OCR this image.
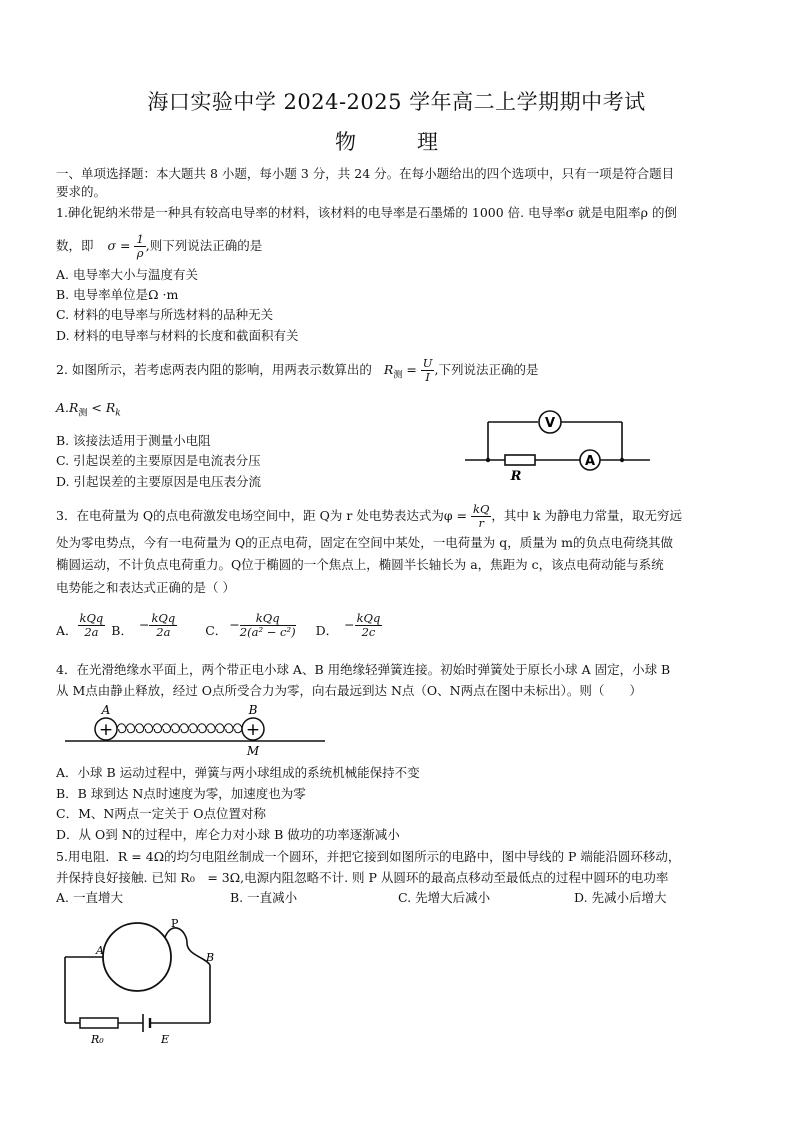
海口实验中学 2024-2025 学年高二上学期期中考试
物　理
一、单项选择题：本大题共 8 小题，每小题 3 分，共 24 分。在每小题给出的四个选项中，只有一项是符合题目
要求的。
1.砷化铌纳米带是一种具有较高电导率的材料，该材料的电导率是石墨烯的 1000 倍. 电导率σ 就是电阻率ρ 的倒
数，即 $\sigma = \frac{1}{\rho}$ ,则下列说法正确的是
A. 电导率大小与温度有关
B. 电导率单位是Ω ·m
C. 材料的电导率与所选材料的品种无关
D. 材料的电导率与材料的长度和截面积有关
2. 如图所示，若考虑两表内阻的影响，用两表示数算出的 $R_测 = \frac{U}{I}$ ,下列说法正确的是
$A.R_测 < R_k$
B. 该接法适用于测量小电阻
C. 引起误差的主要原因是电流表分压
D. 引起误差的主要原因是电压表分流
V
A
R
3．在电荷量为 Q的点电荷激发电场空间中，距 Q为 r 处电势表达式为$\varphi = \frac{kQ}{r}$ ，其中 k 为静电力常量，取无穷远
处为零电势点，今有一电荷量为 Q的正点电荷，固定在空间中某处，一电荷量为 q，质量为 m的负点电荷绕其做
椭圆运动，不计负点电荷重力。Q位于椭圆的一个焦点上，椭圆半长轴长为 a，焦距为 c，该点电荷动能与系统
电势能之和表达式正确的是（ ）
A． $\frac{\text{kQq}}{2a}$ B． − $\frac{\text{kQq}}{2a}$ C． − $\frac{\text{kQq}}{\text{2(a² − c²)}}$ D． − $\frac{\text{kQq}}{2c}$
4．在光滑绝缘水平面上，两个带正电小球 A、B 用绝缘轻弹簧连接。初始时弹簧处于原长小球 A 固定，小球 B
从 M点由静止释放，经过 O点所受合力为零，向右最远到达 N点（O、N两点在图中未标出）。则（　　）
+	+
A	B
M
A．小球 B 运动过程中，弹簧与两小球组成的系统机械能保持不变
B．B 球到达 N点时速度为零，加速度也为零
C．M、N两点一定关于 O点位置对称
D．从 O到 N的过程中，库仑力对小球 B 做功的功率逐渐减小
5.用电阻．R = 4Ω的均匀电阻丝制成一个圆环，并把它接到如图所示的电路中，图中导线的 P 端能沿圆环移动，
并保持良好接触. 已知 R₀　= 3Ω,电源内阻忽略不计. 则 P 从圆环的最高点移动至最低点的过程中圆环的电功率
A. 一直增大	B. 一直减小	C. 先增大后减小	D. 先减小后增大
P
A
B
R₀	E
